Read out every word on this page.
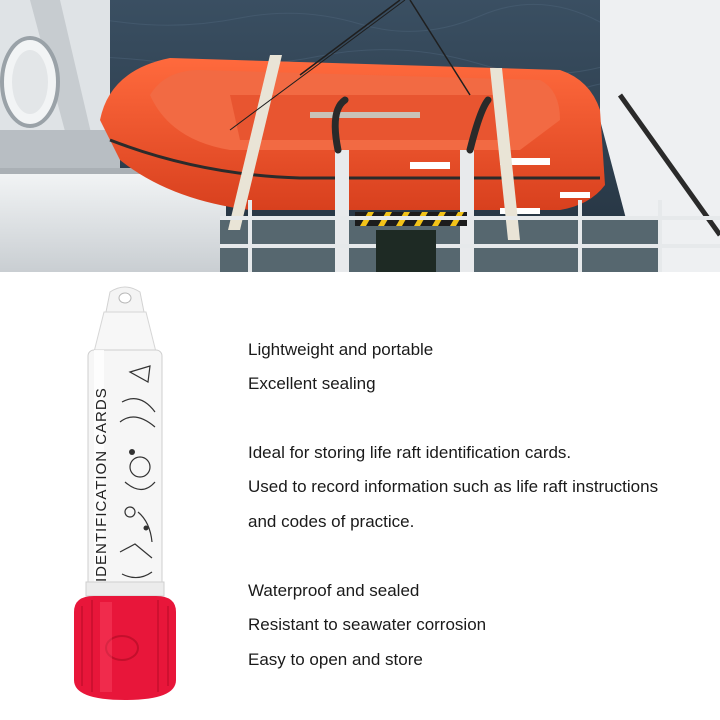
IDENTIFICATION CARDS
Lightweight and portable
Excellent sealing
Ideal for storing life raft identification cards.
Used to record information such as life raft instructions
and codes of practice.
Waterproof and sealed
Resistant to seawater corrosion
Easy to open and store
